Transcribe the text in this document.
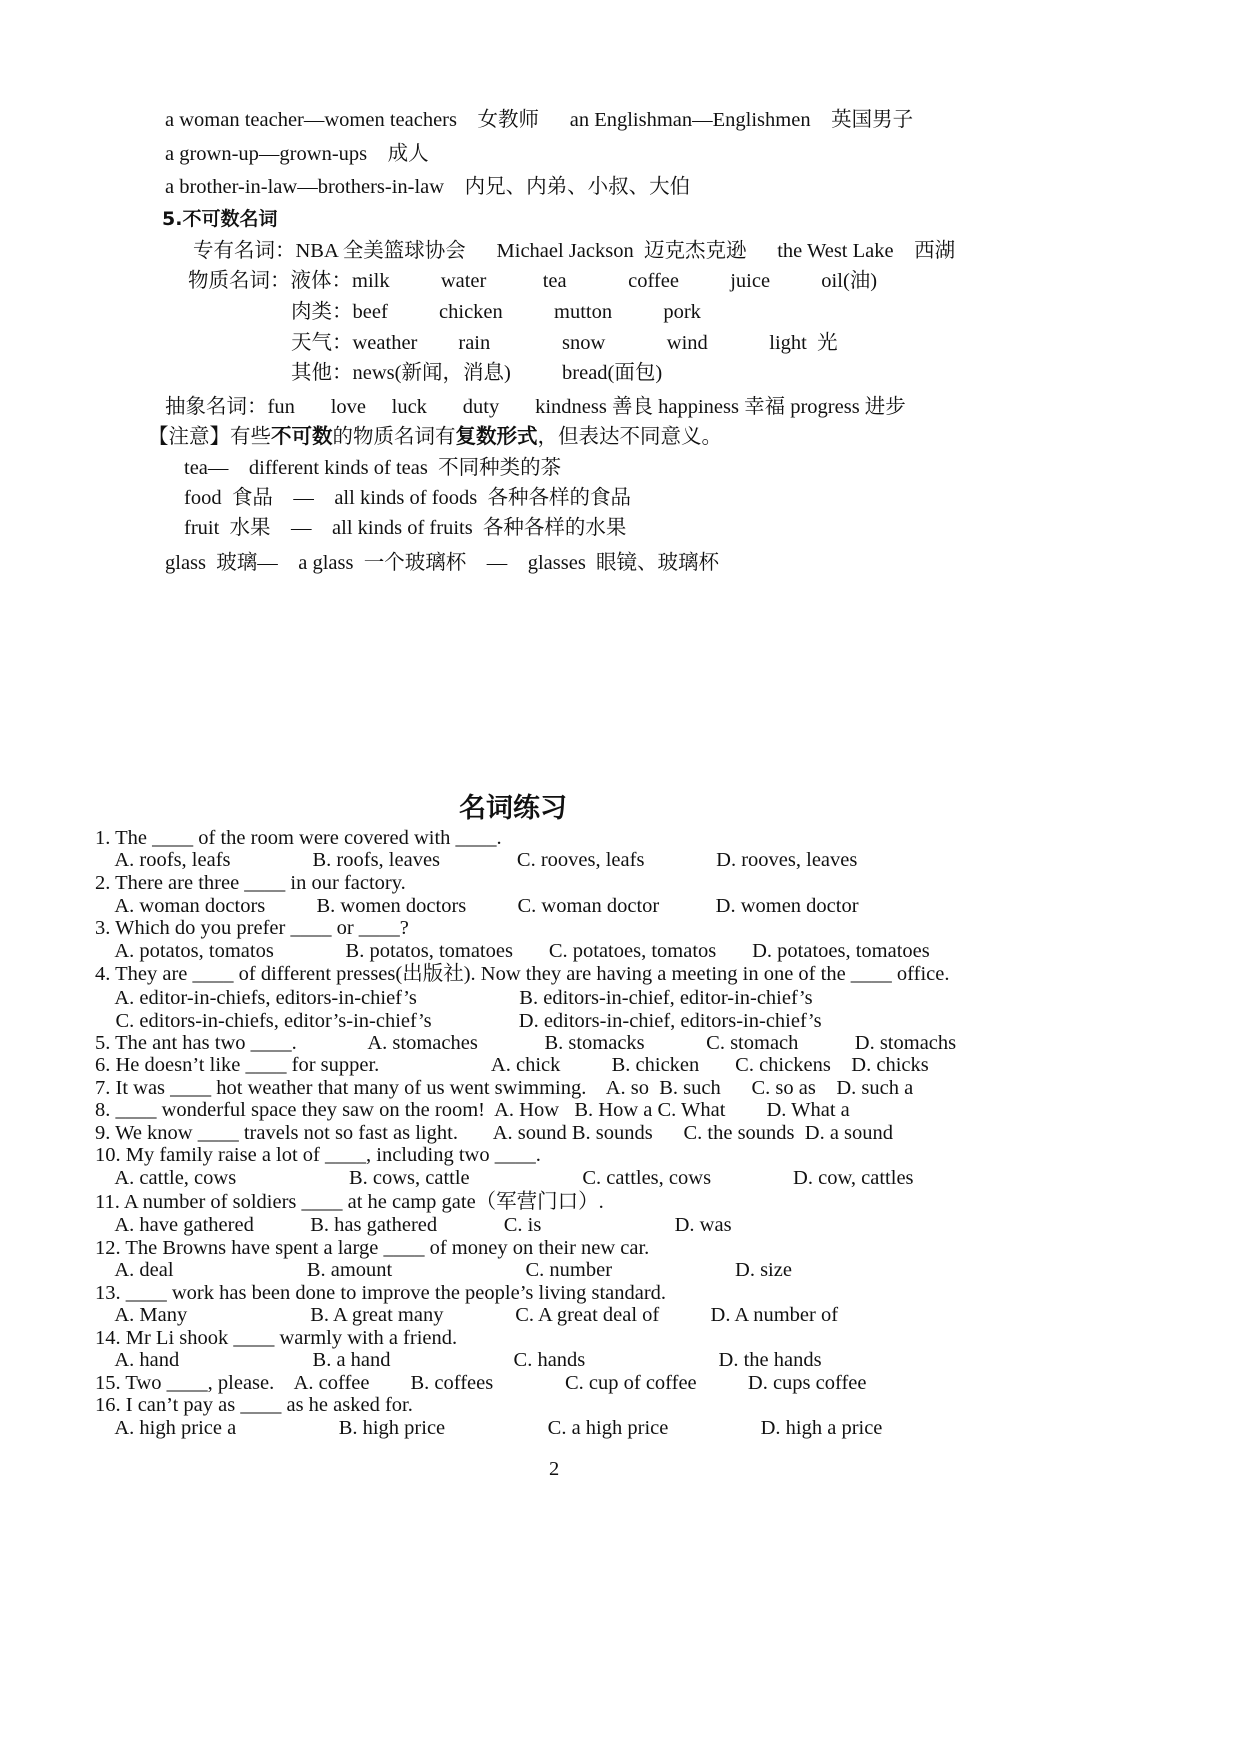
a woman teacher—women teachers    女教师      an Englishman—Englishmen    英国男子
a grown-up—grown-ups    成人
a brother-in-law—brothers-in-law    内兄、内弟、小叔、大伯
5.不可数名词
专有名词：NBA 全美篮球协会      Michael Jackson  迈克杰克逊      the West Lake    西湖
物质名词：液体：milk          water           tea            coffee          juice          oil(油)
肉类：beef          chicken          mutton          pork
天气：weather        rain              snow            wind            light  光
其他：news(新闻，消息)          bread(面包)
抽象名词：fun       love     luck       duty       kindness 善良 happiness 幸福 progress 进步
【注意】有些不可数的物质名词有复数形式，但表达不同意义。
tea—    different kinds of teas  不同种类的茶
food  食品    —    all kinds of foods  各种各样的食品
fruit  水果    —    all kinds of fruits  各种各样的水果
glass  玻璃—    a glass  一个玻璃杯    —    glasses  眼镜、玻璃杯
名词练习
1. The ____ of the room were covered with ____.
A. roofs, leafs                B. roofs, leaves               C. rooves, leafs              D. rooves, leaves
2. There are three ____ in our factory.
A. woman doctors          B. women doctors          C. woman doctor           D. women doctor
3. Which do you prefer ____ or ____?
A. potatos, tomatos              B. potatos, tomatoes       C. potatoes, tomatos       D. potatoes, tomatoes
4. They are ____ of different presses(出版社). Now they are having a meeting in one of the ____ office.
A. editor-in-chiefs, editors-in-chief’s                    B. editors-in-chief, editor-in-chief’s
C. editors-in-chiefs, editor’s-in-chief’s                 D. editors-in-chief, editors-in-chief’s
5. The ant has two ____.              A. stomaches             B. stomacks            C. stomach           D. stomachs
6. He doesn’t like ____ for supper.                      A. chick          B. chicken       C. chickens    D. chicks
7. It was ____ hot weather that many of us went swimming.    A. so  B. such      C. so as    D. such a
8. ____ wonderful space they saw on the room!  A. How   B. How a C. What        D. What a
9. We know ____ travels not so fast as light.       A. sound B. sounds      C. the sounds  D. a sound
10. My family raise a lot of ____, including two ____.
A. cattle, cows                      B. cows, cattle                      C. cattles, cows                D. cow, cattles
11. A number of soldiers ____ at he camp gate（军营门口）.
A. have gathered           B. has gathered             C. is                          D. was
12. The Browns have spent a large ____ of money on their new car.
A. deal                          B. amount                          C. number                        D. size
13. ____ work has been done to improve the people’s living standard.
A. Many                        B. A great many              C. A great deal of          D. A number of
14. Mr Li shook ____ warmly with a friend.
A. hand                          B. a hand                        C. hands                          D. the hands
15. Two ____, please.    A. coffee        B. coffees              C. cup of coffee          D. cups coffee
16. I can’t pay as ____ as he asked for.
A. high price a                    B. high price                    C. a high price                  D. high a price
2
